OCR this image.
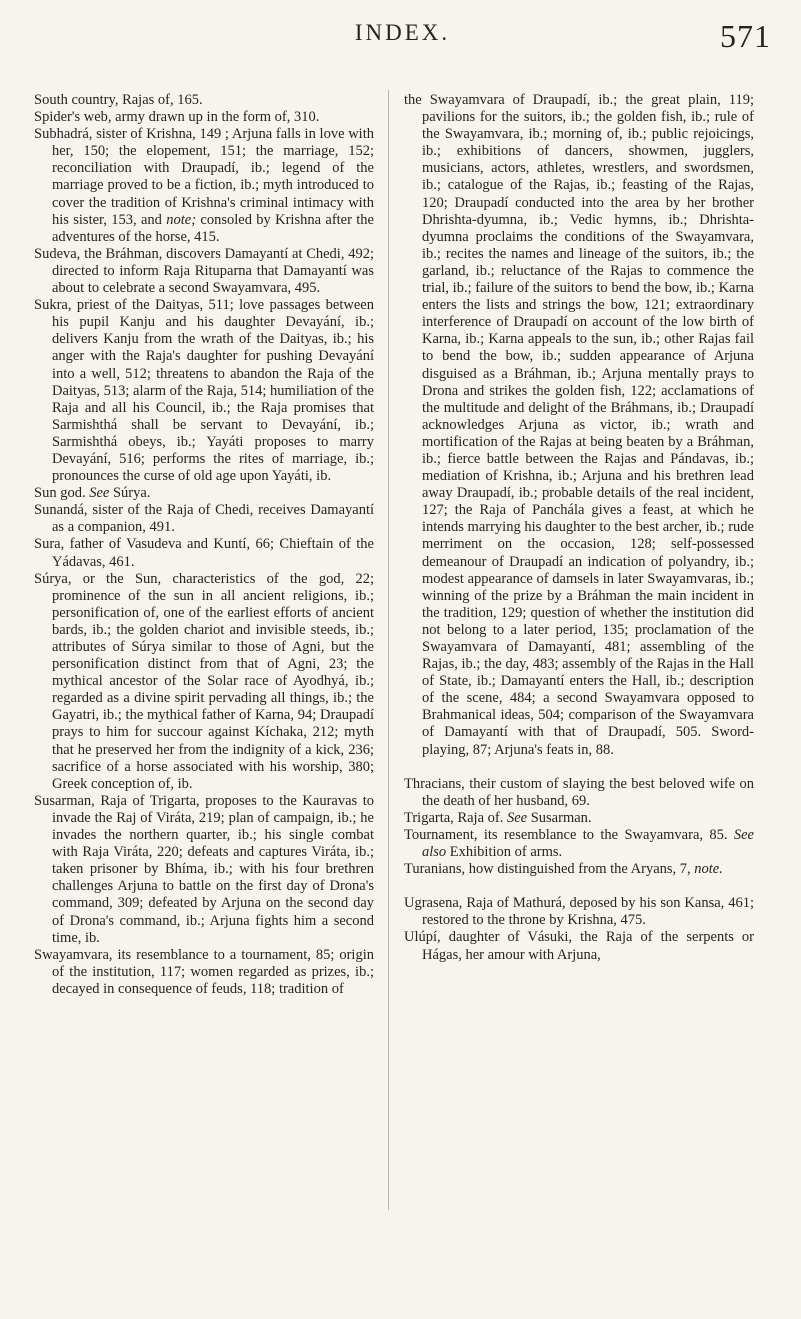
INDEX.	571
South country, Rajas of, 165.
Spider's web, army drawn up in the form of, 310.
Subhadrá, sister of Krishna, 149 ; Arjuna falls in love with her, 150; the elopement, 151; the marriage, 152; reconciliation with Draupadí, ib.; legend of the marriage proved to be a fiction, ib.; myth introduced to cover the tradition of Krishna's criminal intimacy with his sister, 153, and note; consoled by Krishna after the adventures of the horse, 415.
Sudeva, the Bráhman, discovers Damayantí at Chedi, 492; directed to inform Raja Rituparna that Damayantí was about to celebrate a second Swayamvara, 495.
Sukra, priest of the Daityas, 511; love passages between his pupil Kanju and his daughter Devayání, ib.; delivers Kanju from the wrath of the Daityas, ib.; his anger with the Raja's daughter for pushing Devayání into a well, 512; threatens to abandon the Raja of the Daityas, 513; alarm of the Raja, 514; humiliation of the Raja and all his Council, ib.; the Raja promises that Sarmishthá shall be servant to Devayání, ib.; Sarmishthá obeys, ib.; Yayáti proposes to marry Devayání, 516; performs the rites of marriage, ib.; pronounces the curse of old age upon Yayáti, ib.
Sun god. See Súrya.
Sunandá, sister of the Raja of Chedi, receives Damayantí as a companion, 491.
Sura, father of Vasudeva and Kuntí, 66; Chieftain of the Yádavas, 461.
Súrya, or the Sun, characteristics of the god, 22; prominence of the sun in all ancient religions, ib.; personification of, one of the earliest efforts of ancient bards, ib.; the golden chariot and invisible steeds, ib.; attributes of Súrya similar to those of Agni, but the personification distinct from that of Agni, 23; the mythical ancestor of the Solar race of Ayodhyá, ib.; regarded as a divine spirit pervading all things, ib.; the Gayatri, ib.; the mythical father of Karna, 94; Draupadí prays to him for succour against Kíchaka, 212; myth that he preserved her from the indignity of a kick, 236; sacrifice of a horse associated with his worship, 380; Greek conception of, ib.
Susarman, Raja of Trigarta, proposes to the Kauravas to invade the Raj of Viráta, 219; plan of campaign, ib.; he invades the northern quarter, ib.; his single combat with Raja Viráta, 220; defeats and captures Viráta, ib.; taken prisoner by Bhíma, ib.; with his four brethren challenges Arjuna to battle on the first day of Drona's command, 309; defeated by Arjuna on the second day of Drona's command, ib.; Arjuna fights him a second time, ib.
Swayamvara, its resemblance to a tournament, 85; origin of the institution, 117; women regarded as prizes, ib.; decayed in consequence of feuds, 118; tradition of
the Swayamvara of Draupadí, ib.; the great plain, 119; pavilions for the suitors, ib.; the golden fish, ib.; rule of the Swayamvara, ib.; morning of, ib.; public rejoicings, ib.; exhibitions of dancers, showmen, jugglers, musicians, actors, athletes, wrestlers, and swordsmen, ib.; catalogue of the Rajas, ib.; feasting of the Rajas, 120; Draupadí conducted into the area by her brother Dhrishta-dyumna, ib.; Vedic hymns, ib.; Dhrishta-dyumna proclaims the conditions of the Swayamvara, ib.; recites the names and lineage of the suitors, ib.; the garland, ib.; reluctance of the Rajas to commence the trial, ib.; failure of the suitors to bend the bow, ib.; Karna enters the lists and strings the bow, 121; extraordinary interference of Draupadí on account of the low birth of Karna, ib.; Karna appeals to the sun, ib.; other Rajas fail to bend the bow, ib.; sudden appearance of Arjuna disguised as a Bráhman, ib.; Arjuna mentally prays to Drona and strikes the golden fish, 122; acclamations of the multitude and delight of the Bráhmans, ib.; Draupadí acknowledges Arjuna as victor, ib.; wrath and mortification of the Rajas at being beaten by a Bráhman, ib.; fierce battle between the Rajas and Pándavas, ib.; mediation of Krishna, ib.; Arjuna and his brethren lead away Draupadí, ib.; probable details of the real incident, 127; the Raja of Panchála gives a feast, at which he intends marrying his daughter to the best archer, ib.; rude merriment on the occasion, 128; self-possessed demeanour of Draupadí an indication of polyandry, ib.; modest appearance of damsels in later Swayamvaras, ib.; winning of the prize by a Bráhman the main incident in the tradition, 129; question of whether the institution did not belong to a later period, 135; proclamation of the Swayamvara of Damayantí, 481; assembling of the Rajas, ib.; the day, 483; assembly of the Rajas in the Hall of State, ib.; Damayantí enters the Hall, ib.; description of the scene, 484; a second Swayamvara opposed to Brahmanical ideas, 504; comparison of the Swayamvara of Damayantí with that of Draupadí, 505. Sword-playing, 87; Arjuna's feats in, 88.
Thracians, their custom of slaying the best beloved wife on the death of her husband, 69.
Trigarta, Raja of. See Susarman.
Tournament, its resemblance to the Swayamvara, 85. See also Exhibition of arms.
Turanians, how distinguished from the Aryans, 7, note.
Ugrasena, Raja of Mathurá, deposed by his son Kansa, 461; restored to the throne by Krishna, 475.
Ulúpí, daughter of Vásuki, the Raja of the serpents or Hágas, her amour with Arjuna,
